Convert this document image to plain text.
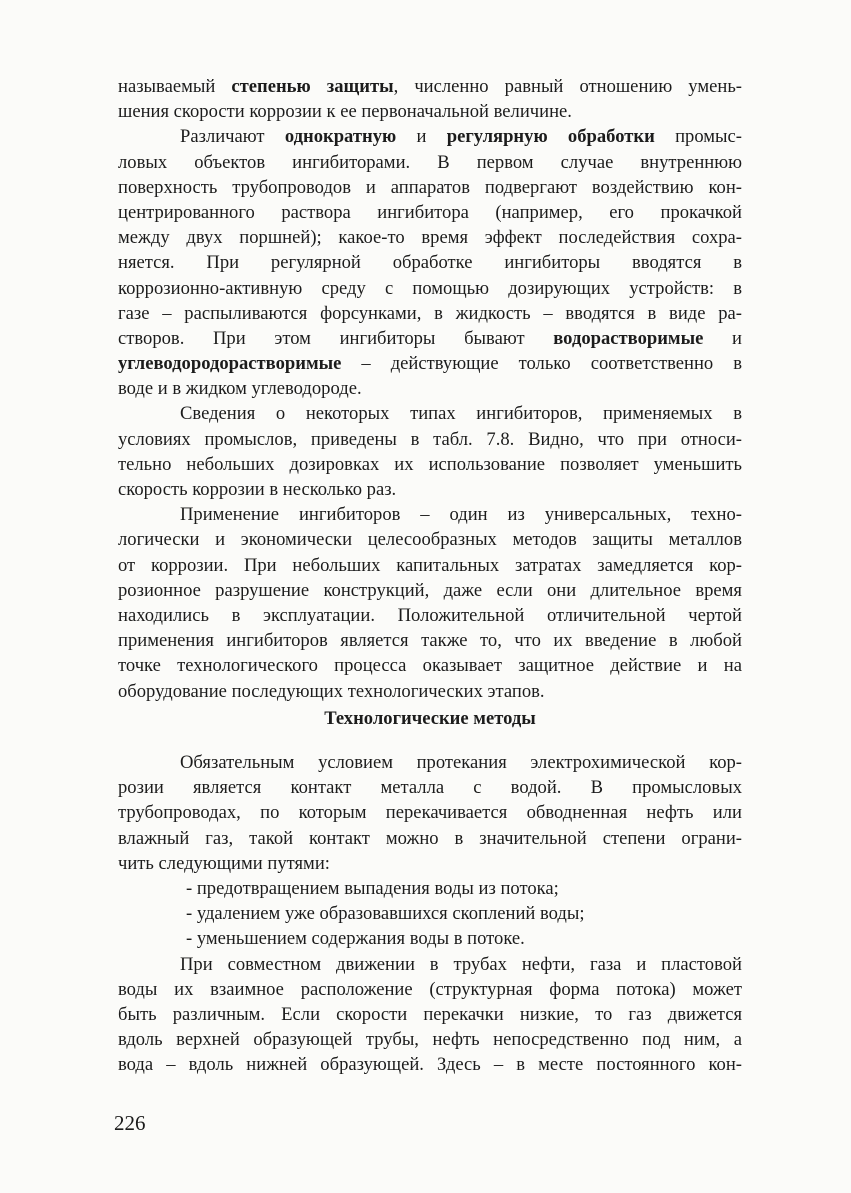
называемый степенью защиты, численно равный отношению умень-
шения скорости коррозии к ее первоначальной величине.
Различают однократную и регулярную обработки промыс-
ловых объектов ингибиторами. В первом случае внутреннюю
поверхность трубопроводов и аппаратов подвергают воздействию кон-
центрированного раствора ингибитора (например, его прокачкой
между двух поршней); какое-то время эффект последействия сохра-
няется. При регулярной обработке ингибиторы вводятся в
коррозионно-активную среду с помощью дозирующих устройств: в
газе – распыливаются форсунками, в жидкость – вводятся в виде ра-
створов. При этом ингибиторы бывают водорастворимые и
углеводородорастворимые – действующие только соответственно в
воде и в жидком углеводороде.
Сведения о некоторых типах ингибиторов, применяемых в
условиях промыслов, приведены в табл. 7.8. Видно, что при относи-
тельно небольших дозировках их использование позволяет уменьшить
скорость коррозии в несколько раз.
Применение ингибиторов – один из универсальных, техно-
логически и экономически целесообразных методов защиты металлов
от коррозии. При небольших капитальных затратах замедляется кор-
розионное разрушение конструкций, даже если они длительное время
находились в эксплуатации. Положительной отличительной чертой
применения ингибиторов является также то, что их введение в любой
точке технологического процесса оказывает защитное действие и на
оборудование последующих технологических этапов.
Технологические методы
Обязательным условием протекания электрохимической кор-
розии является контакт металла с водой. В промысловых
трубопроводах, по которым перекачивается обводненная нефть или
влажный газ, такой контакт можно в значительной степени ограни-
чить следующими путями:
- предотвращением выпадения воды из потока;
- удалением уже образовавшихся скоплений воды;
- уменьшением содержания воды в потоке.
При совместном движении в трубах нефти, газа и пластовой
воды их взаимное расположение (структурная форма потока) может
быть различным. Если скорости перекачки низкие, то газ движется
вдоль верхней образующей трубы, нефть непосредственно под ним, а
вода – вдоль нижней образующей. Здесь – в месте постоянного кон-
226
